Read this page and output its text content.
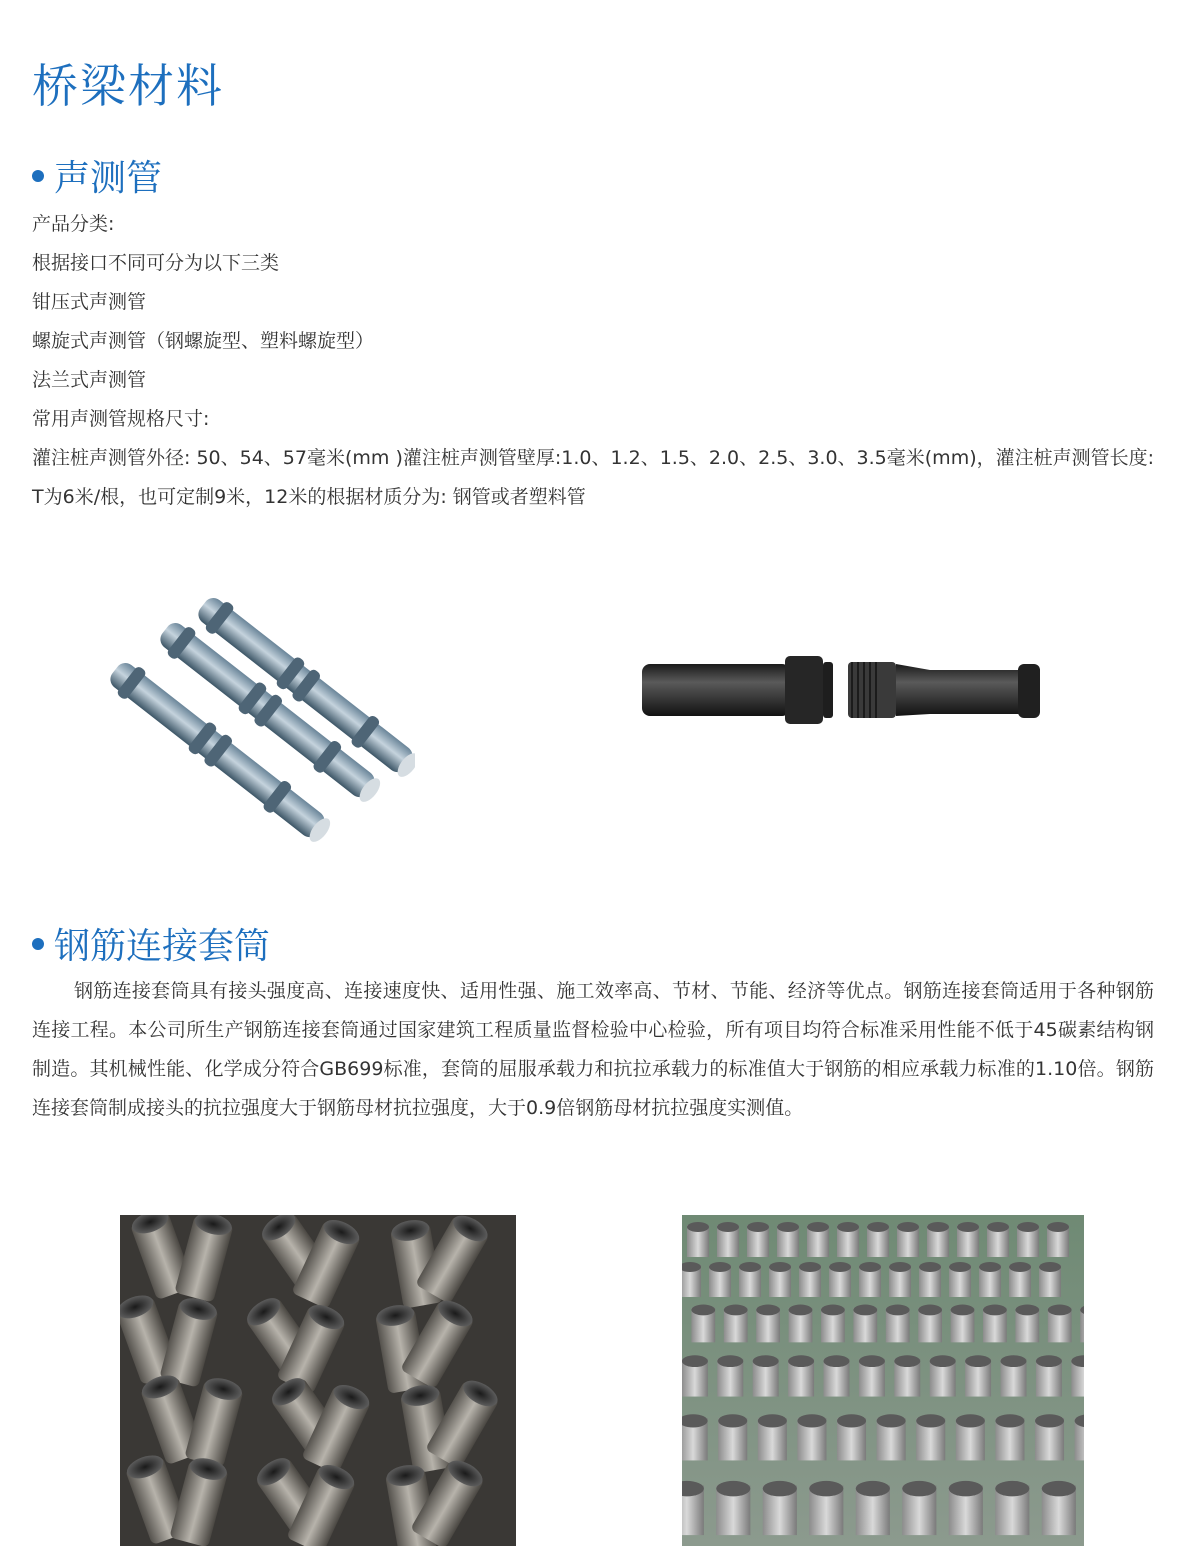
桥梁材料
声测管

产品分类:

根据接口不同可分为以下三类

钳压式声测管

螺旋式声测管（钢螺旋型、塑料螺旋型）

法兰式声测管

常用声测管规格尺寸:

灌注桩声测管外径: 50、54、57毫米(mm )灌注桩声测管壁厚:1.0、1.2、1.5、2.0、2.5、3.0、3.5毫米(mm)，灌注桩声测管长度: T为6米/根，也可定制9米，12米的根据材质分为: 钢管或者塑料管

钢筋连接套筒

钢筋连接套筒具有接头强度高、连接速度快、适用性强、施工效率高、节材、节能、经济等优点。钢筋连接套筒适用于各种钢筋连接工程。本公司所生产钢筋连接套筒通过国家建筑工程质量监督检验中心检验，所有项目均符合标准采用性能不低于45碳素结构钢制造。其机械性能、化学成分符合GB699标准，套筒的屈服承载力和抗拉承载力的标准值大于钢筋的相应承载力标准的1.10倍。钢筋连接套筒制成接头的抗拉强度大于钢筋母材抗拉强度，大于0.9倍钢筋母材抗拉强度实测值。
